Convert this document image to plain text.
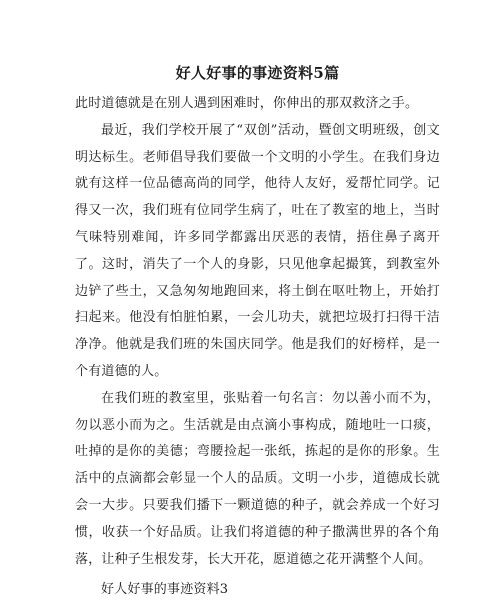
好人好事的事迹资料5篇

此时道德就是在别人遇到困难时，你伸出的那双救济之手。

最近，我们学校开展了“双创”活动，暨创文明班级，创文明达标生。老师倡导我们要做一个文明的小学生。在我们身边就有这样一位品德高尚的同学，他待人友好，爱帮忙同学。记得又一次，我们班有位同学生病了，吐在了教室的地上，当时气味特别难闻，许多同学都露出厌恶的表情，捂住鼻子离开了。这时，消失了一个人的身影，只见他拿起撮箕，到教室外边铲了些土，又急匆匆地跑回来，将土倒在呕吐物上，开始打扫起来。他没有怕脏怕累，一会儿功夫，就把垃圾打扫得干洁净净。他就是我们班的朱国庆同学。他是我们的好榜样，是一个有道德的人。

在我们班的教室里，张贴着一句名言：勿以善小而不为，勿以恶小而为之。生活就是由点滴小事构成，随地吐一口痰，吐掉的是你的美德；弯腰捡起一张纸，拣起的是你的形象。生活中的点滴都会彰显一个人的品质。文明一小步，道德成长就会一大步。只要我们播下一颗道德的种子，就会养成一个好习惯，收获一个好品质。让我们将道德的种子撒满世界的各个角落，让种子生根发芽，长大开花，愿道德之花开满整个人间。

好人好事的事迹资料3
